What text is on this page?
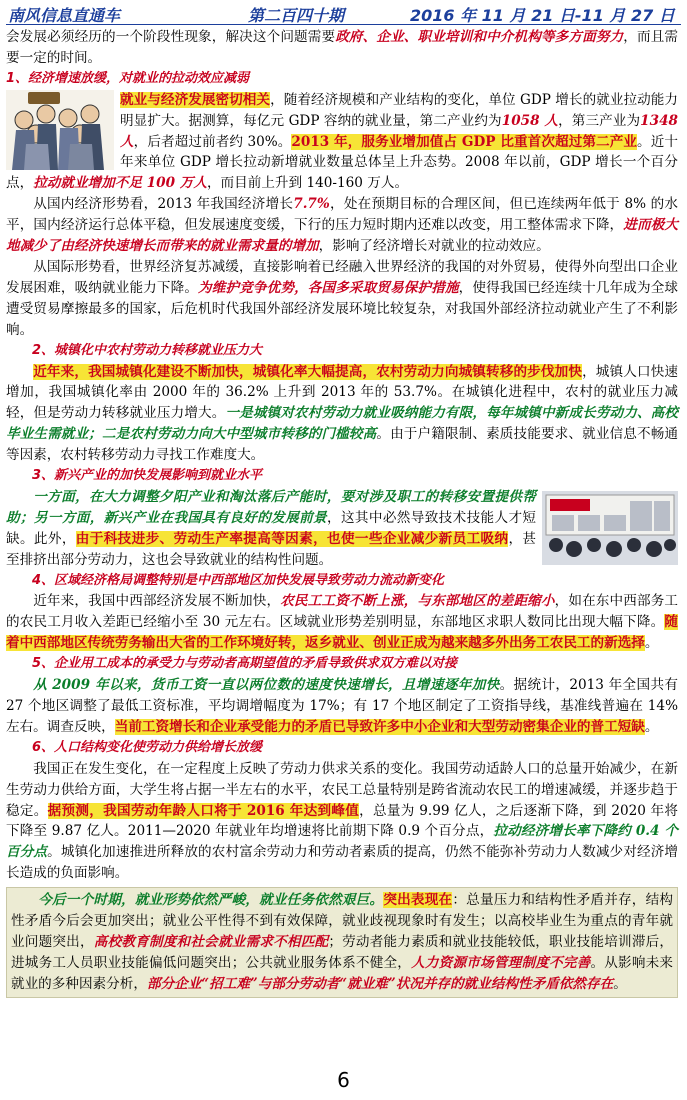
南风信息直通车	第二百四十期	2016 年 11 月 21 日-11 月 27 日

会发展必须经历的一个阶段性现象，解决这个问题需要政府、企业、职业培训和中介机构等多方面努力，而且需要一定的时间。

1、经济增速放缓，对就业的拉动效应减弱

就业与经济发展密切相关，随着经济规模和产业结构的变化，单位 GDP 增长的就业拉动能力明显扩大。据测算，每亿元 GDP 容纳的就业量，第二产业约为1058 人，第三产业为1348 人，后者超过前者约 30%。2013 年，服务业增加值占 GDP 比重首次超过第二产业。近十年来单位 GDP 增长拉动新增就业数量总体呈上升态势。2008 年以前，GDP 增长一个百分点，拉动就业增加不足 100 万人，而目前上升到 140-160 万人。

从国内经济形势看，2013 年我国经济增长7.7%，处在预期目标的合理区间，但已连续两年低于 8% 的水平，国内经济运行总体平稳，但发展速度变缓，下行的压力短时期内还难以改变，用工整体需求下降，进而极大地减少了由经济快速增长而带来的就业需求量的增加，影响了经济增长对就业的拉动效应。

从国际形势看，世界经济复苏减缓，直接影响着已经融入世界经济的我国的对外贸易，使得外向型出口企业发展困难，吸纳就业能力下降。为维护竞争优势，各国多采取贸易保护措施，使得我国已经连续十几年成为全球遭受贸易摩擦最多的国家，后危机时代我国外部经济发展环境比较复杂，对我国外部经济拉动就业产生了不利影响。

2、城镇化中农村劳动力转移就业压力大

近年来，我国城镇化建设不断加快，城镇化率大幅提高，农村劳动力向城镇转移的步伐加快，城镇人口快速增加，我国城镇化率由 2000 年的 36.2% 上升到 2013 年的 53.7%。在城镇化进程中，农村的就业压力减轻，但是劳动力转移就业压力增大。一是城镇对农村劳动力就业吸纳能力有限，每年城镇中新成长劳动力、高校毕业生需就业；二是农村劳动力向大中型城市转移的门槛较高。由于户籍限制、素质技能要求、就业信息不畅通等因素，农村转移劳动力寻找工作难度大。

3、新兴产业的加快发展影响到就业水平

一方面，在大力调整夕阳产业和淘汰落后产能时，要对涉及职工的转移安置提供帮助；另一方面，新兴产业在我国具有良好的发展前景，这其中必然导致技术技能人才短缺。此外，由于科技进步、劳动生产率提高等因素，也使一些企业减少新员工吸纳，甚至排挤出部分劳动力，这也会导致就业的结构性问题。

4、区域经济格局调整特别是中西部地区加快发展导致劳动力流动新变化

近年来，我国中西部经济发展不断加快，农民工工资不断上涨，与东部地区的差距缩小，如在东中西部务工的农民工月收入差距已经缩小至 30 元左右。区域就业形势差别明显，东部地区求职人数同比出现大幅下降。随着中西部地区传统劳务输出大省的工作环境好转，返乡就业、创业正成为越来越多外出务工农民工的新选择。

5、企业用工成本的承受力与劳动者高期望值的矛盾导致供求双方难以对接

从 2009 年以来，货币工资一直以两位数的速度快速增长，且增速逐年加快。据统计，2013 年全国共有 27 个地区调整了最低工资标准，平均调增幅度为 17%；有 17 个地区制定了工资指导线，基准线普遍在 14% 左右。调查反映，当前工资增长和企业承受能力的矛盾已导致许多中小企业和大型劳动密集企业的普工短缺。

6、人口结构变化使劳动力供给增长放缓

我国正在发生变化，在一定程度上反映了劳动力供求关系的变化。我国劳动适龄人口的总量开始减少，在新生劳动力供给方面，大学生将占据一半左右的水平，农民工总量特别是跨省流动农民工的增速减缓，并逐步趋于稳定。据预测，我国劳动年龄人口将于 2016 年达到峰值，总量为 9.99 亿人，之后逐渐下降，到 2020 年将下降至 9.87 亿人。2011—2020 年就业年均增速将比前期下降 0.9 个百分点，拉动经济增长率下降约 0.4 个百分点。城镇化加速推进所释放的农村富余劳动力和劳动者素质的提高，仍然不能弥补劳动力人数减少对经济增长造成的负面影响。

今后一个时期，就业形势依然严峻，就业任务依然艰巨。突出表现在：总量压力和结构性矛盾并存，结构性矛盾今后会更加突出；就业公平性得不到有效保障，就业歧视现象时有发生；以高校毕业生为重点的青年就业问题突出，高校教育制度和社会就业需求不相匹配；劳动者能力素质和就业技能较低，职业技能培训滞后，进城务工人员职业技能偏低问题突出；公共就业服务体系不健全，人力资源市场管理制度不完善。从影响未来就业的多种因素分析，部分企业“招工难”与部分劳动者“就业难”状况并存的就业结构性矛盾依然存在。

6
